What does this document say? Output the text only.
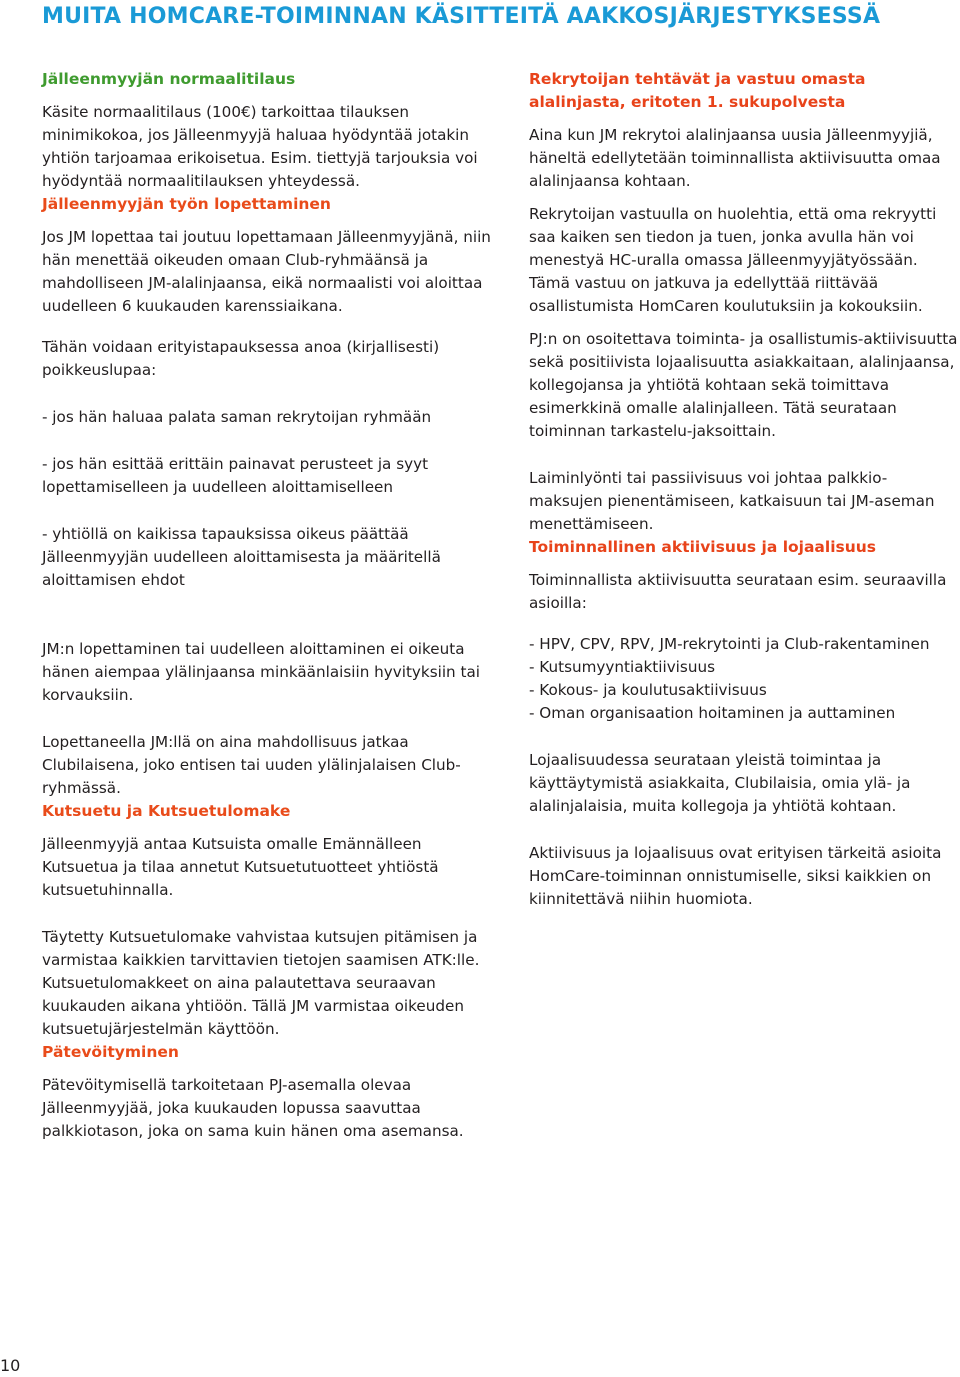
MUITA HOMCARE-TOIMINNAN KÄSITTEITÄ AAKKOSJÄRJESTYKSESSÄ
Jälleenmyyjän normaalitilaus

Käsite normaalitilaus (100€) tarkoittaa tilauksen minimikokoa, jos Jälleenmyyjä haluaa hyödyntää jotakin yhtiön tarjoamaa erikoisetua. Esim. tiettyjä tarjouksia voi hyödyntää normaalitilauksen yhteydessä.

Jälleenmyyjän työn lopettaminen

Jos JM lopettaa tai joutuu lopettamaan Jälleenmyyjänä, niin hän menettää oikeuden omaan Club-ryhmäänsä ja mahdolliseen JM-alalinjaansa, eikä normaalisti voi aloittaa uudelleen 6 kuukauden karenssiaikana.

Tähän voidaan erityistapauksessa anoa (kirjallisesti) poikkeuslupaa:

- jos hän haluaa palata saman rekrytoijan ryhmään

- jos hän esittää erittäin painavat perusteet ja syyt lopettamiselleen ja uudelleen aloittamiselleen

- yhtiöllä on kaikissa tapauksissa oikeus päättää Jälleenmyyjän uudelleen aloittamisesta ja määritellä aloittamisen ehdot

JM:n lopettaminen tai uudelleen aloittaminen ei oikeuta hänen aiempaa ylälinjaansa minkäänlaisiin hyvityksiin tai korvauksiin.

Lopettaneella JM:llä on aina mahdollisuus jatkaa Clubilaisena, joko entisen tai uuden ylälinjalaisen Club-ryhmässä.

Kutsuetu ja Kutsuetulomake

Jälleenmyyjä antaa Kutsuista omalle Emännälleen Kutsuetua ja tilaa annetut Kutsuetutuotteet yhtiöstä kutsuetuhinnalla.

Täytetty Kutsuetulomake vahvistaa kutsujen pitämisen ja varmistaa kaikkien tarvittavien tietojen saamisen ATK:lle. Kutsuetulomakkeet on aina palautettava seuraavan kuukauden aikana yhtiöön. Tällä JM varmistaa oikeuden kutsuetujärjestelmän käyttöön.

Pätevöityminen

Pätevöitymisellä tarkoitetaan PJ-asemalla olevaa Jälleenmyyjää, joka kuukauden lopussa saavuttaa palkkiotason, joka on sama kuin hänen oma asemansa.

Rekrytoijan tehtävät ja vastuu omasta alalinjasta, eritoten 1. sukupolvesta

Aina kun JM rekrytoi alalinjaansa uusia Jälleenmyyjiä, häneltä edellytetään toiminnallista aktiivisuutta omaa alalinjaansa kohtaan.

Rekrytoijan vastuulla on huolehtia, että oma rekryytti saa kaiken sen tiedon ja tuen, jonka avulla hän voi menestyä HC-uralla omassa Jälleenmyyjätyössään. Tämä vastuu on jatkuva ja edellyttää riittävää osallistumista HomCaren koulutuksiin ja kokouksiin.

PJ:n on osoitettava toiminta- ja osallistumis-aktiivisuutta sekä positiivista lojaalisuutta asiakkaitaan, alalinjaansa, kollegojansa ja yhtiötä kohtaan sekä toimittava esimerkkinä omalle alalinjalleen. Tätä seurataan toiminnan tarkastelu-jaksoittain.

Laiminlyönti tai passiivisuus voi johtaa palkkio-maksujen pienentämiseen, katkaisuun tai JM-aseman menettämiseen.

Toiminnallinen aktiivisuus ja lojaalisuus

Toiminnallista aktiivisuutta seurataan esim. seuraavilla asioilla:

- HPV, CPV, RPV, JM-rekrytointi ja Club-rakentaminen

- Kutsumyyntiaktiivisuus

- Kokous- ja koulutusaktiivisuus

- Oman organisaation hoitaminen ja auttaminen

Lojaalisuudessa seurataan yleistä toimintaa ja käyttäytymistä asiakkaita, Clubilaisia, omia ylä- ja alalinjalaisia, muita kollegoja ja yhtiötä kohtaan.

Aktiivisuus ja lojaalisuus ovat erityisen tärkeitä asioita HomCare-toiminnan onnistumiselle, siksi kaikkien on kiinnitettävä niihin huomiota.

10
